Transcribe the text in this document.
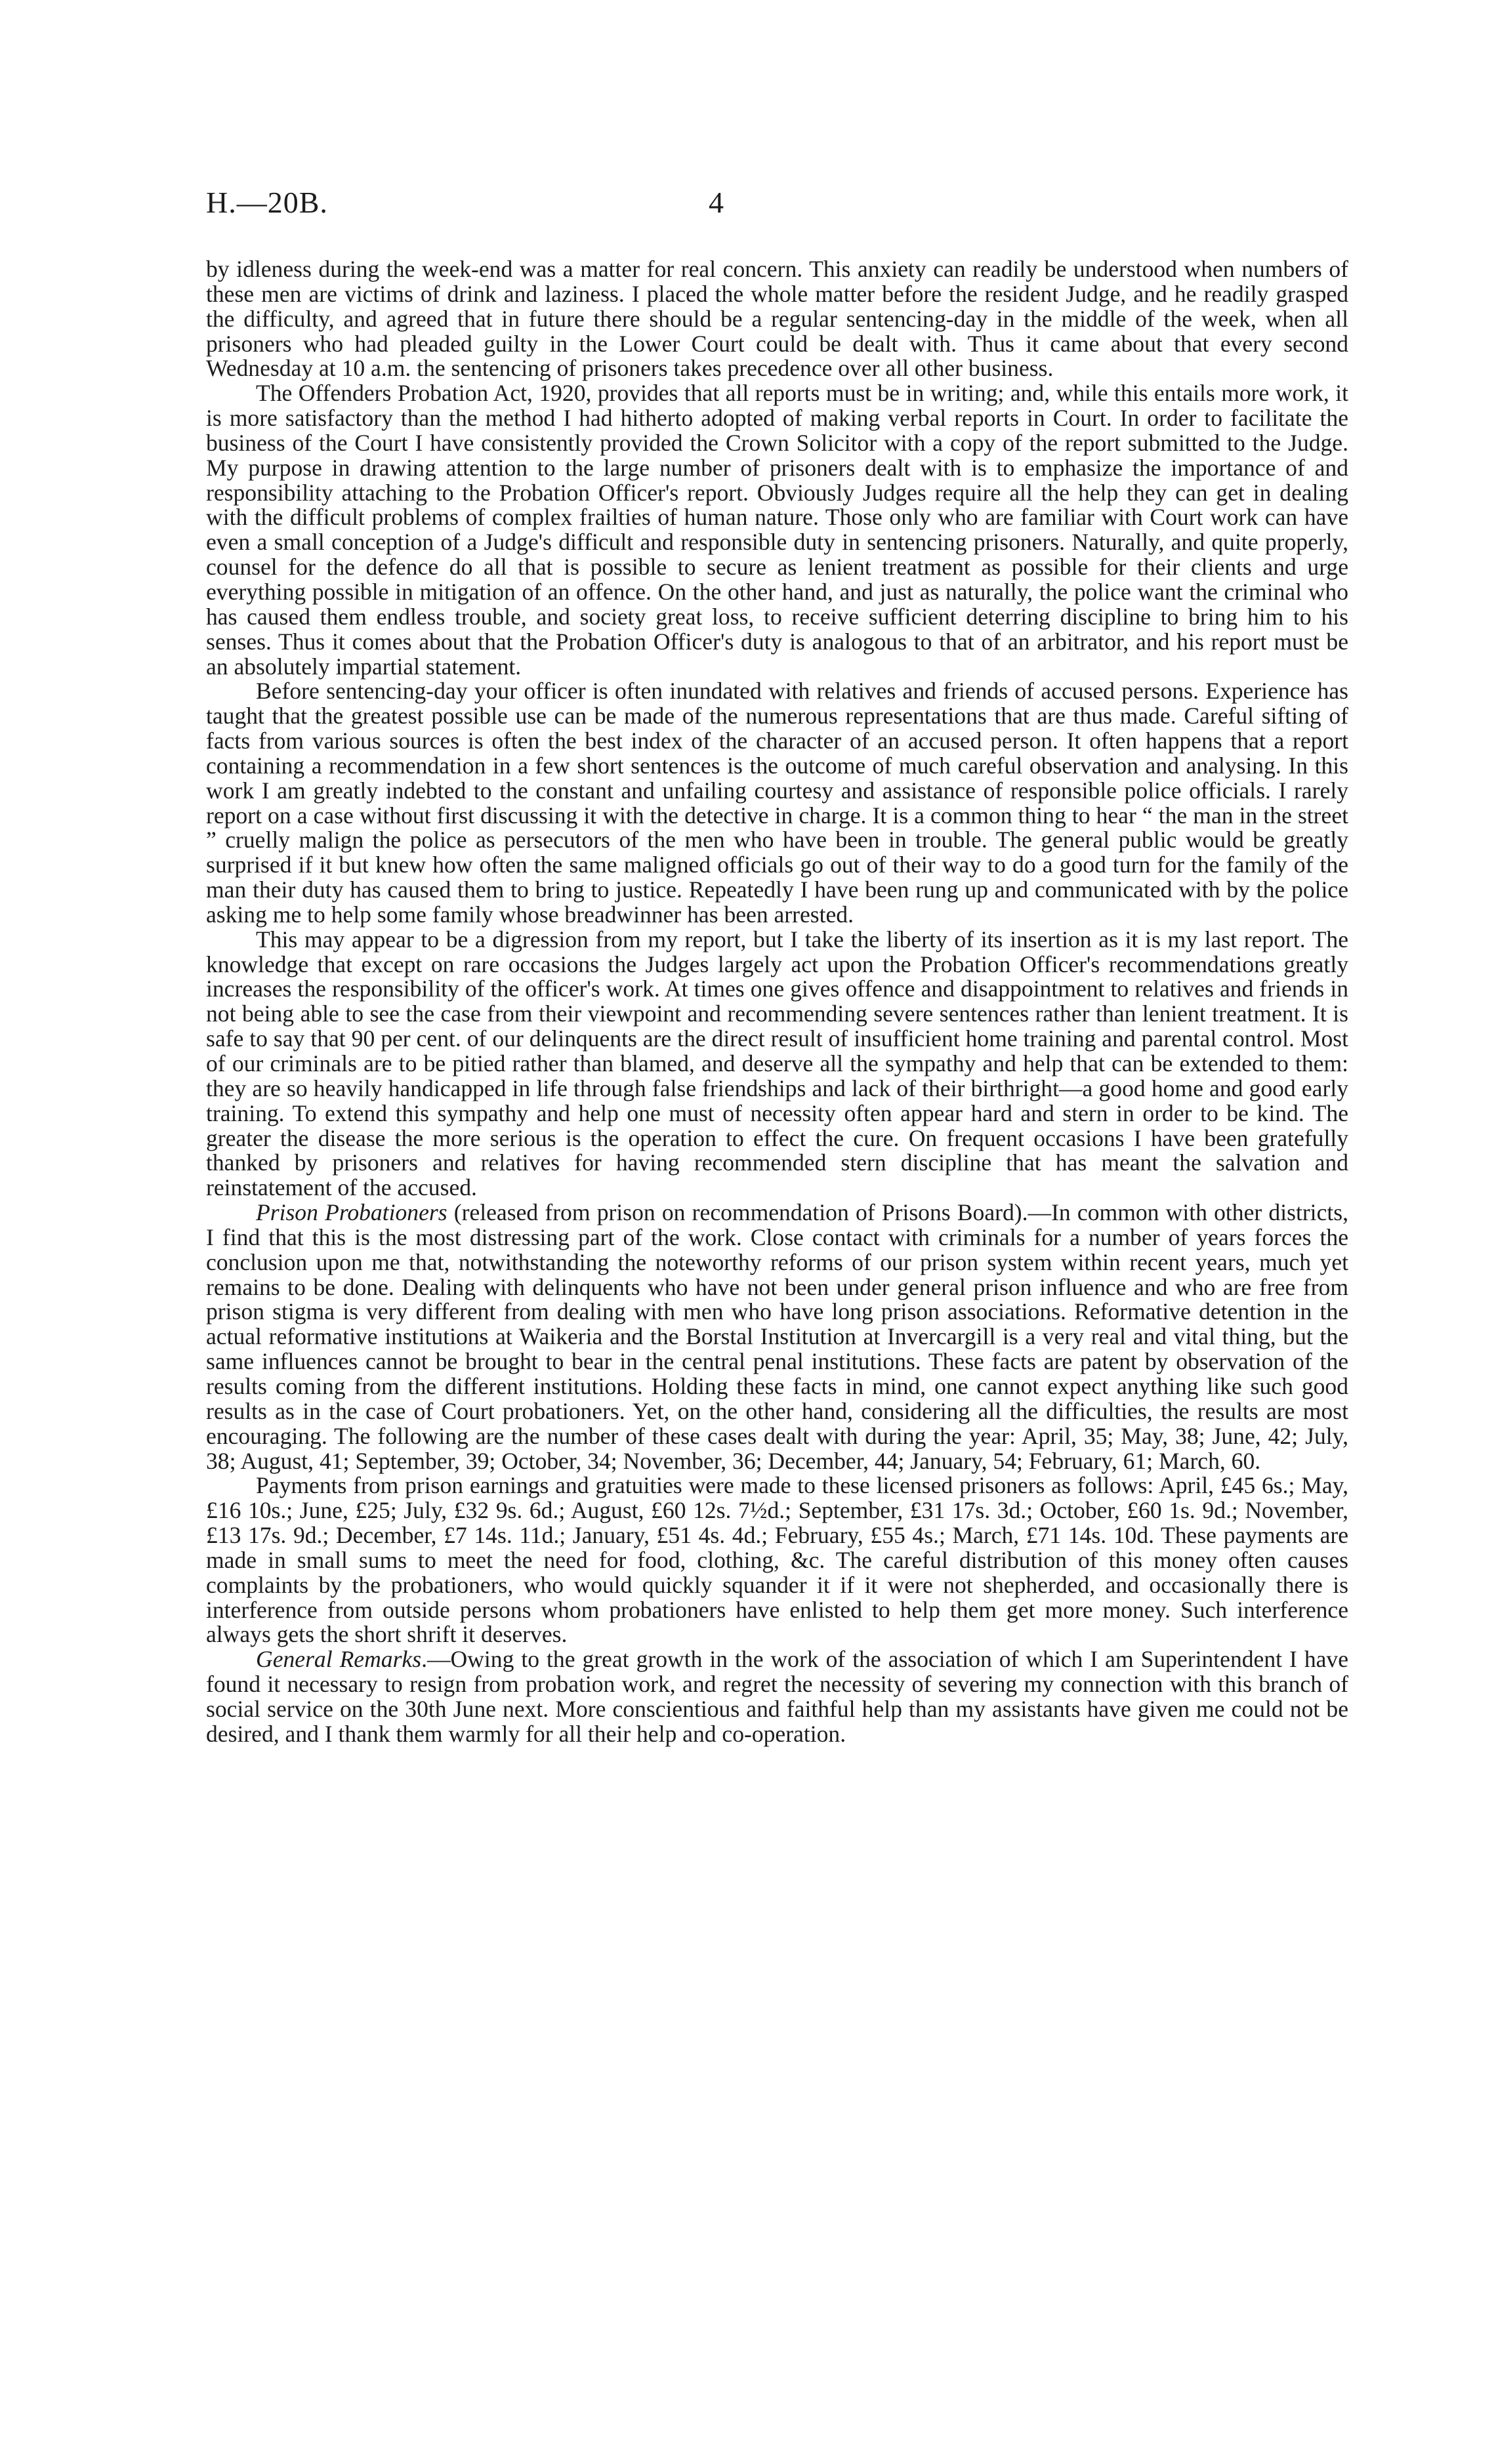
H.—20B.	4

by idleness during the week-end was a matter for real concern. This anxiety can readily be understood when numbers of these men are victims of drink and laziness. I placed the whole matter before the resident Judge, and he readily grasped the difficulty, and agreed that in future there should be a regular sentencing-day in the middle of the week, when all prisoners who had pleaded guilty in the Lower Court could be dealt with. Thus it came about that every second Wednesday at 10 a.m. the sentencing of prisoners takes precedence over all other business.

The Offenders Probation Act, 1920, provides that all reports must be in writing; and, while this entails more work, it is more satisfactory than the method I had hitherto adopted of making verbal reports in Court. In order to facilitate the business of the Court I have consistently provided the Crown Solicitor with a copy of the report submitted to the Judge. My purpose in drawing attention to the large number of prisoners dealt with is to emphasize the importance of and responsibility attaching to the Probation Officer's report. Obviously Judges require all the help they can get in dealing with the difficult problems of complex frailties of human nature. Those only who are familiar with Court work can have even a small conception of a Judge's difficult and responsible duty in sentencing prisoners. Naturally, and quite properly, counsel for the defence do all that is possible to secure as lenient treatment as possible for their clients and urge everything possible in mitigation of an offence. On the other hand, and just as naturally, the police want the criminal who has caused them endless trouble, and society great loss, to receive sufficient deterring discipline to bring him to his senses. Thus it comes about that the Probation Officer's duty is analogous to that of an arbitrator, and his report must be an absolutely impartial statement.

Before sentencing-day your officer is often inundated with relatives and friends of accused persons. Experience has taught that the greatest possible use can be made of the numerous representations that are thus made. Careful sifting of facts from various sources is often the best index of the character of an accused person. It often happens that a report containing a recommendation in a few short sentences is the outcome of much careful observation and analysing. In this work I am greatly indebted to the constant and unfailing courtesy and assistance of responsible police officials. I rarely report on a case without first discussing it with the detective in charge. It is a common thing to hear “ the man in the street ” cruelly malign the police as persecutors of the men who have been in trouble. The general public would be greatly surprised if it but knew how often the same maligned officials go out of their way to do a good turn for the family of the man their duty has caused them to bring to justice. Repeatedly I have been rung up and communicated with by the police asking me to help some family whose breadwinner has been arrested.

This may appear to be a digression from my report, but I take the liberty of its insertion as it is my last report. The knowledge that except on rare occasions the Judges largely act upon the Probation Officer's recommendations greatly increases the responsibility of the officer's work. At times one gives offence and disappointment to relatives and friends in not being able to see the case from their viewpoint and recommending severe sentences rather than lenient treatment. It is safe to say that 90 per cent. of our delinquents are the direct result of insufficient home training and parental control. Most of our criminals are to be pitied rather than blamed, and deserve all the sympathy and help that can be extended to them: they are so heavily handicapped in life through false friendships and lack of their birthright—a good home and good early training. To extend this sympathy and help one must of necessity often appear hard and stern in order to be kind. The greater the disease the more serious is the operation to effect the cure. On frequent occasions I have been gratefully thanked by prisoners and relatives for having recommended stern discipline that has meant the salvation and reinstatement of the accused.

Prison Probationers (released from prison on recommendation of Prisons Board).—In common with other districts, I find that this is the most distressing part of the work. Close contact with criminals for a number of years forces the conclusion upon me that, notwithstanding the noteworthy reforms of our prison system within recent years, much yet remains to be done. Dealing with delinquents who have not been under general prison influence and who are free from prison stigma is very different from dealing with men who have long prison associations. Reformative detention in the actual reformative institutions at Waikeria and the Borstal Institution at Invercargill is a very real and vital thing, but the same influences cannot be brought to bear in the central penal institutions. These facts are patent by observation of the results coming from the different institutions. Holding these facts in mind, one cannot expect anything like such good results as in the case of Court probationers. Yet, on the other hand, considering all the difficulties, the results are most encouraging. The following are the number of these cases dealt with during the year: April, 35; May, 38; June, 42; July, 38; August, 41; September, 39; October, 34; November, 36; December, 44; January, 54; February, 61; March, 60.

Payments from prison earnings and gratuities were made to these licensed prisoners as follows: April, £45 6s.; May, £16 10s.; June, £25; July, £32 9s. 6d.; August, £60 12s. 7½d.; September, £31 17s. 3d.; October, £60 1s. 9d.; November, £13 17s. 9d.; December, £7 14s. 11d.; January, £51 4s. 4d.; February, £55 4s.; March, £71 14s. 10d. These payments are made in small sums to meet the need for food, clothing, &c. The careful distribution of this money often causes complaints by the probationers, who would quickly squander it if it were not shepherded, and occasionally there is interference from outside persons whom probationers have enlisted to help them get more money. Such interference always gets the short shrift it deserves.

General Remarks.—Owing to the great growth in the work of the association of which I am Superintendent I have found it necessary to resign from probation work, and regret the necessity of severing my connection with this branch of social service on the 30th June next. More conscientious and faithful help than my assistants have given me could not be desired, and I thank them warmly for all their help and co-operation.
